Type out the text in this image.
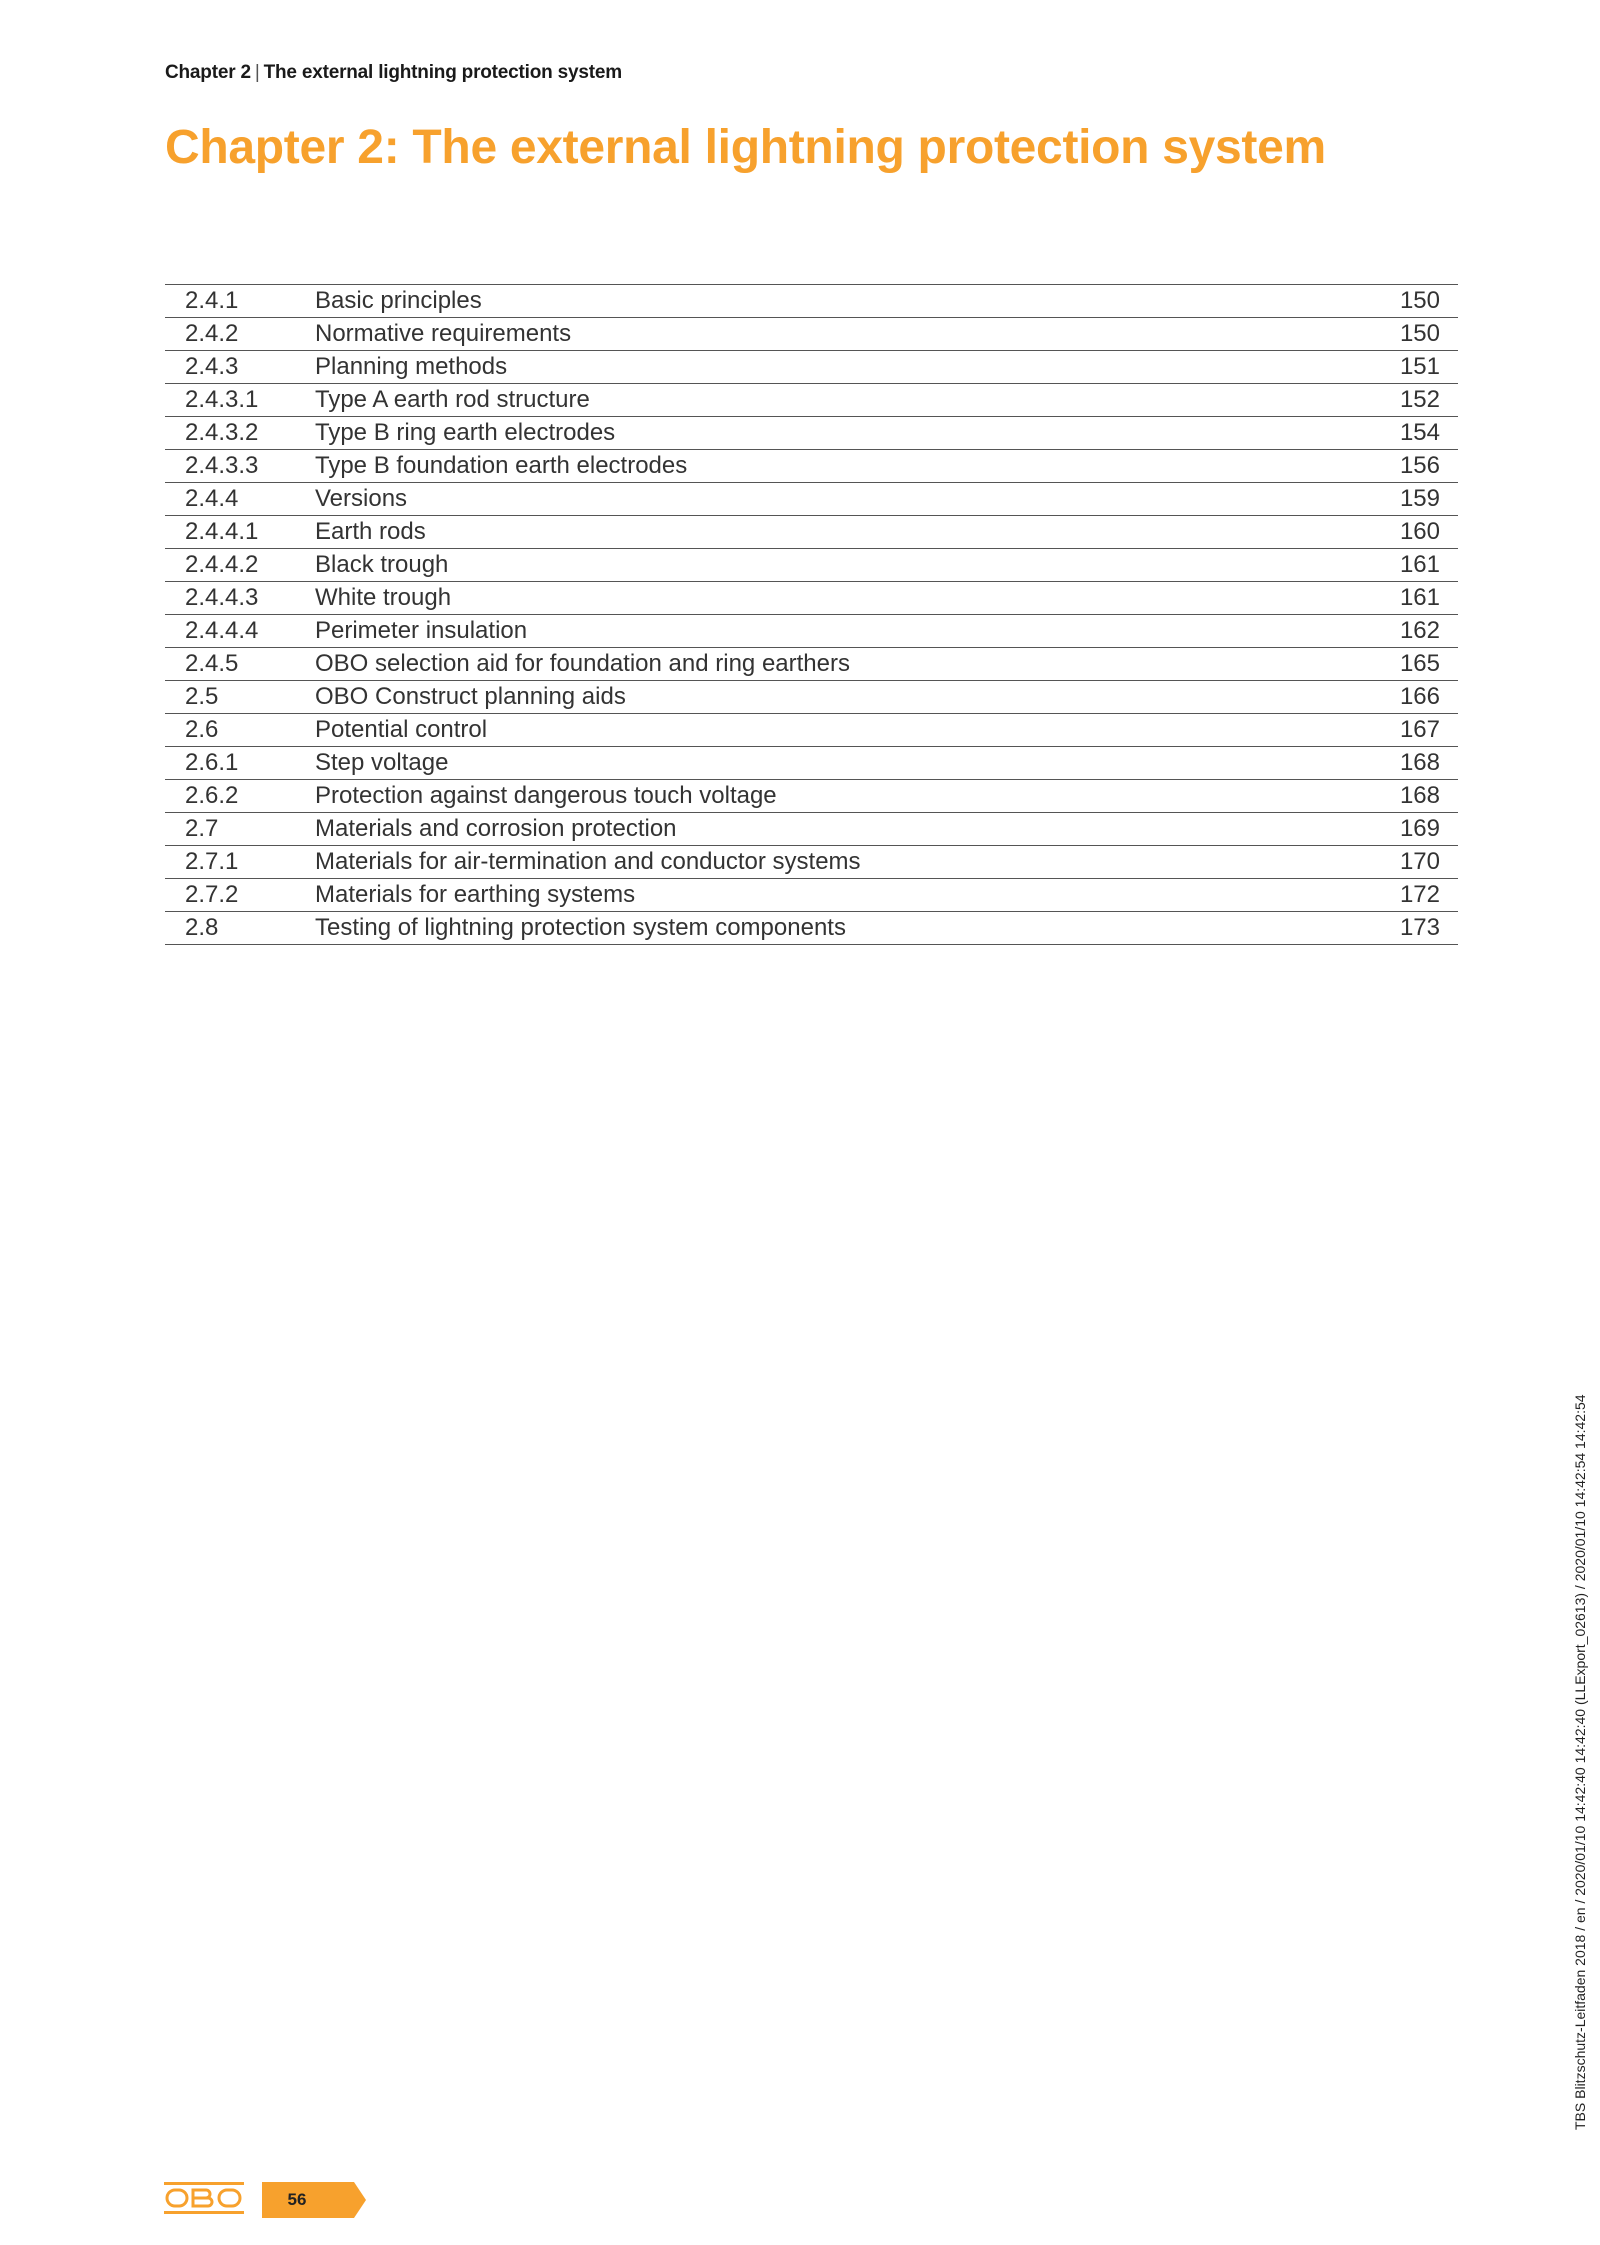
Chapter 2 | The external lightning protection system
Chapter 2: The external lightning protection system
2.4.1	Basic principles	150
2.4.2	Normative requirements	150
2.4.3	Planning methods	151
2.4.3.1	Type A earth rod structure	152
2.4.3.2	Type B ring earth electrodes	154
2.4.3.3	Type B foundation earth electrodes	156
2.4.4	Versions	159
2.4.4.1	Earth rods	160
2.4.4.2	Black trough	161
2.4.4.3	White trough	161
2.4.4.4	Perimeter insulation	162
2.4.5	OBO selection aid for foundation and ring earthers	165
2.5	OBO Construct planning aids	166
2.6	Potential control	167
2.6.1	Step voltage	168
2.6.2	Protection against dangerous touch voltage	168
2.7	Materials and corrosion protection	169
2.7.1	Materials for air-termination and conductor systems	170
2.7.2	Materials for earthing systems	172
2.8	Testing of lightning protection system components	173
TBS Blitzschutz-Leitfaden 2018 / en / 2020/01/10 14:42:40 14:42:40 (LLExport_02613) / 2020/01/10 14:42:54 14:42:54
56
